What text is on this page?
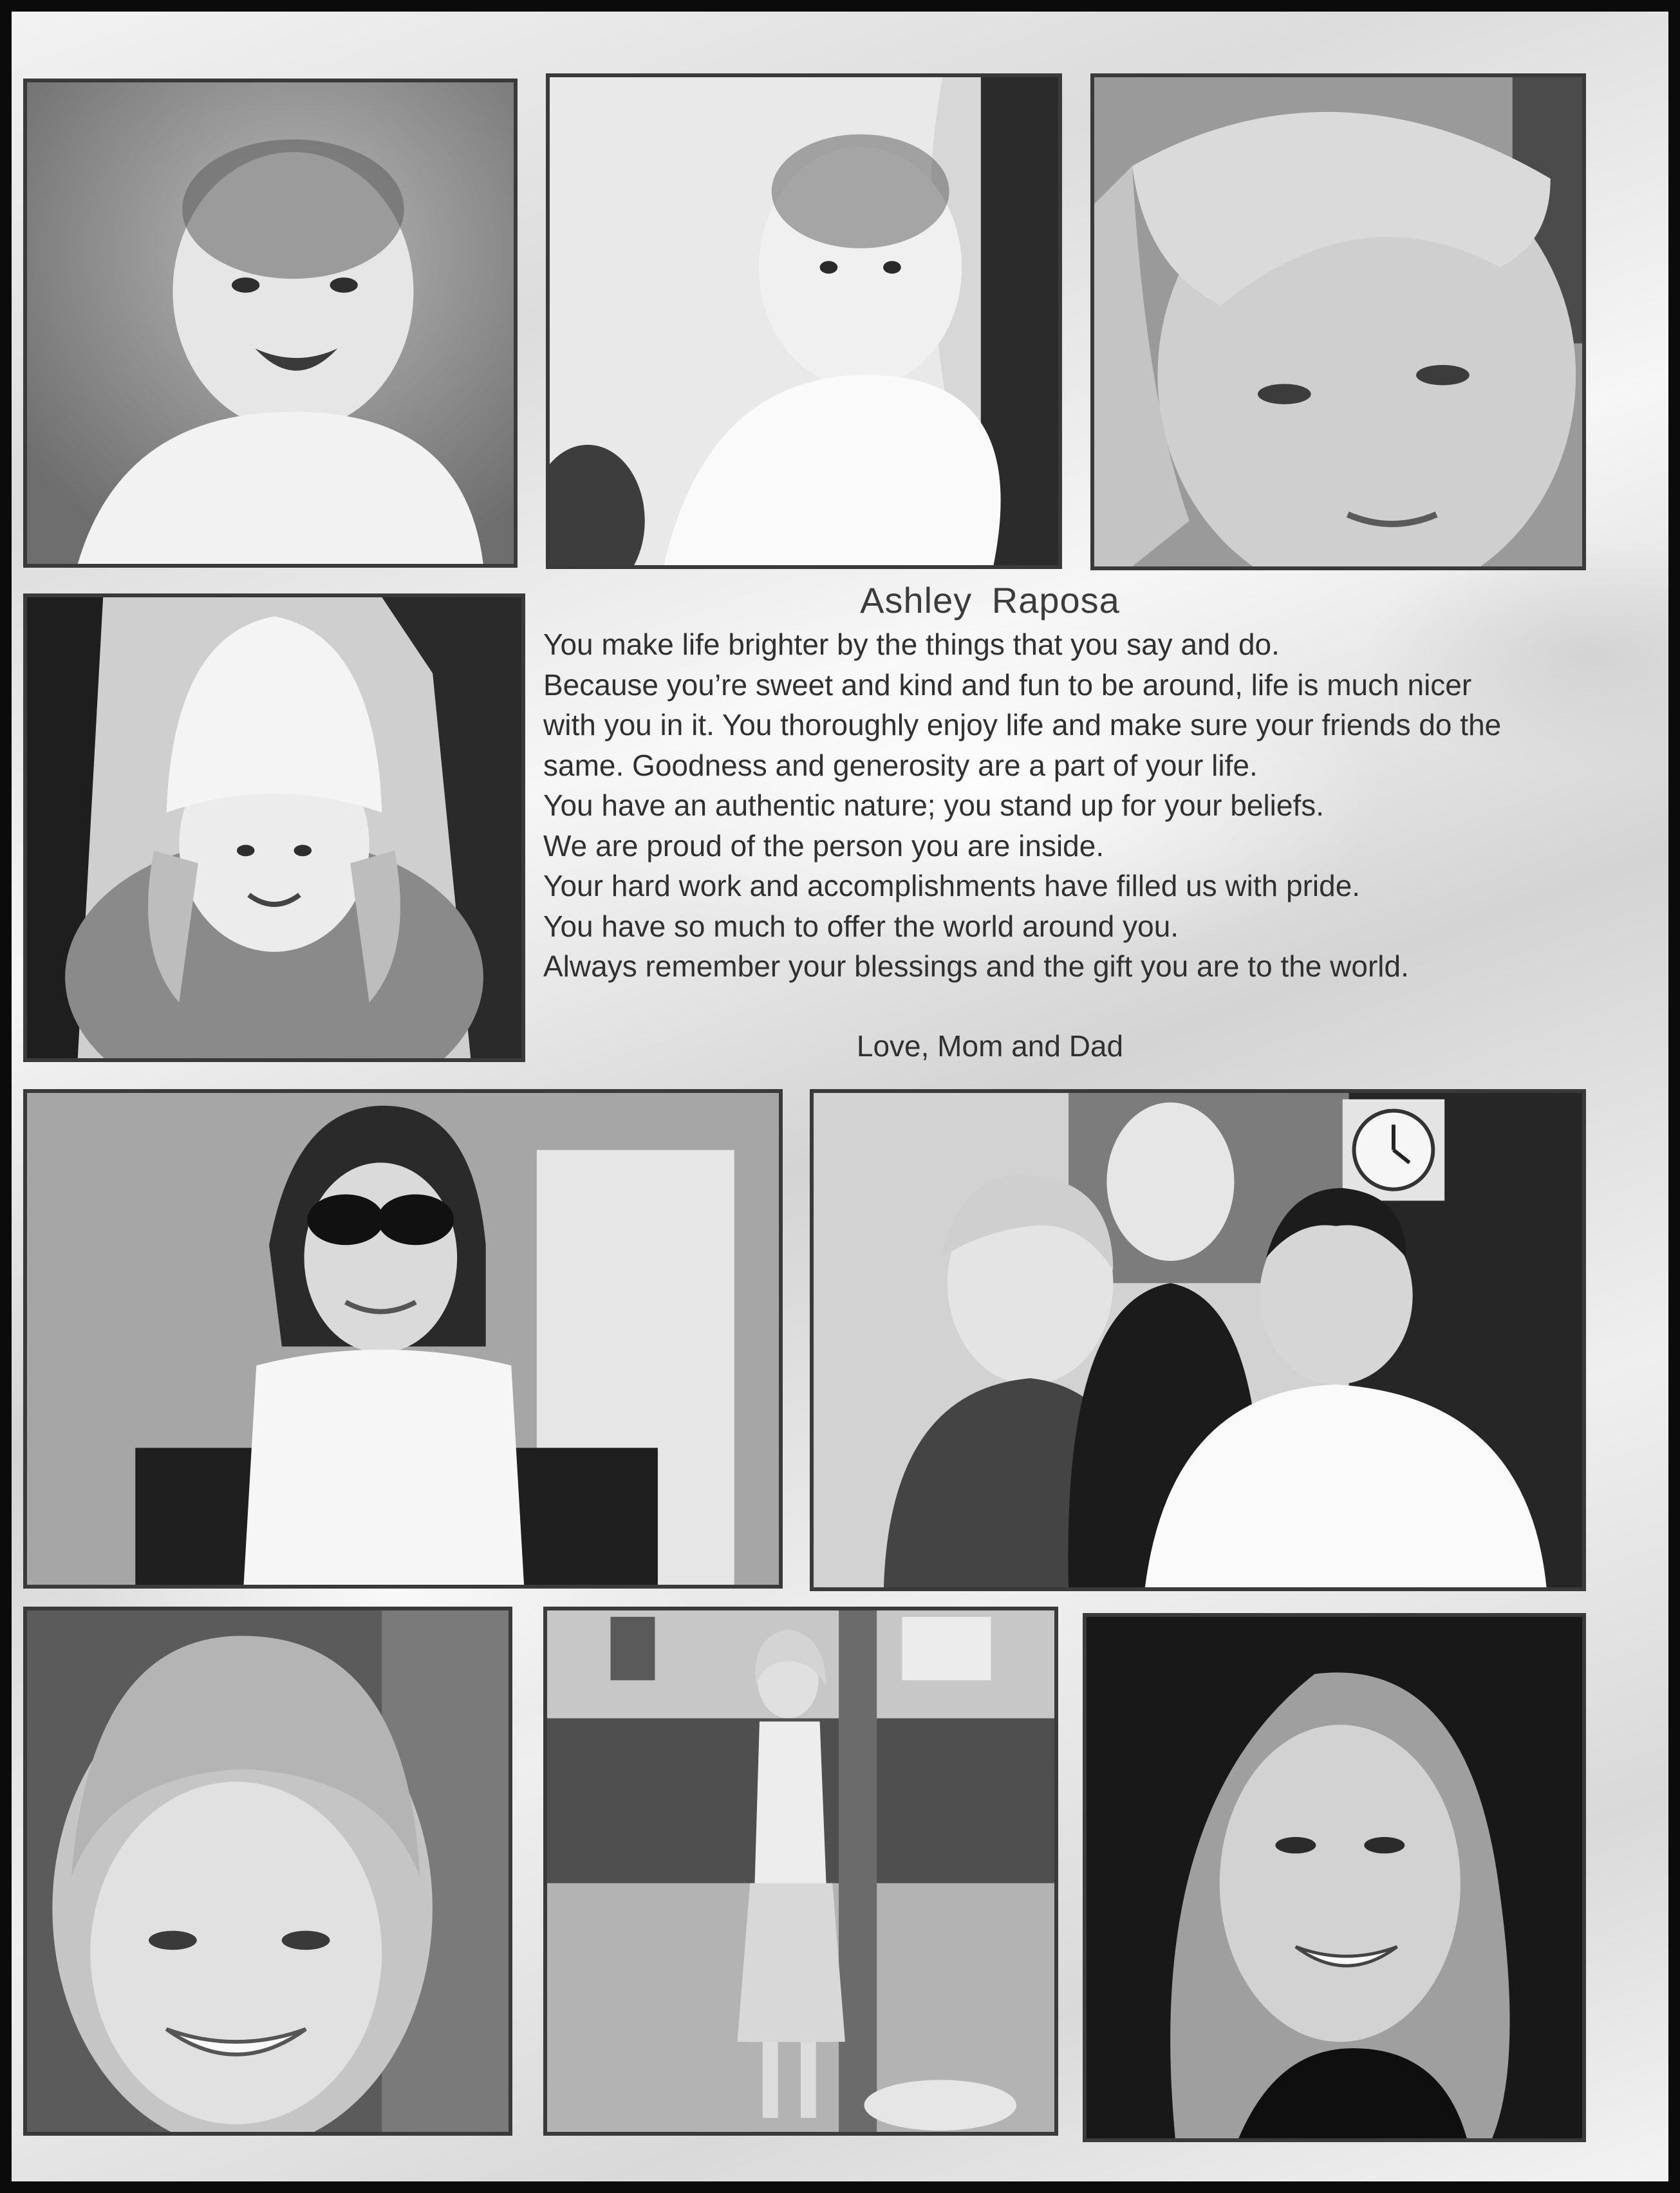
Ashley Raposa
You make life brighter by the things that you say and do.
Because you’re sweet and kind and fun to be around, life is much nicer
with you in it. You thoroughly enjoy life and make sure your friends do the
same. Goodness and generosity are a part of your life.
You have an authentic nature; you stand up for your beliefs.
We are proud of the person you are inside.
Your hard work and accomplishments have filled us with pride.
You have so much to offer the world around you.
Always remember your blessings and the gift you are to the world.
Love, Mom and Dad
